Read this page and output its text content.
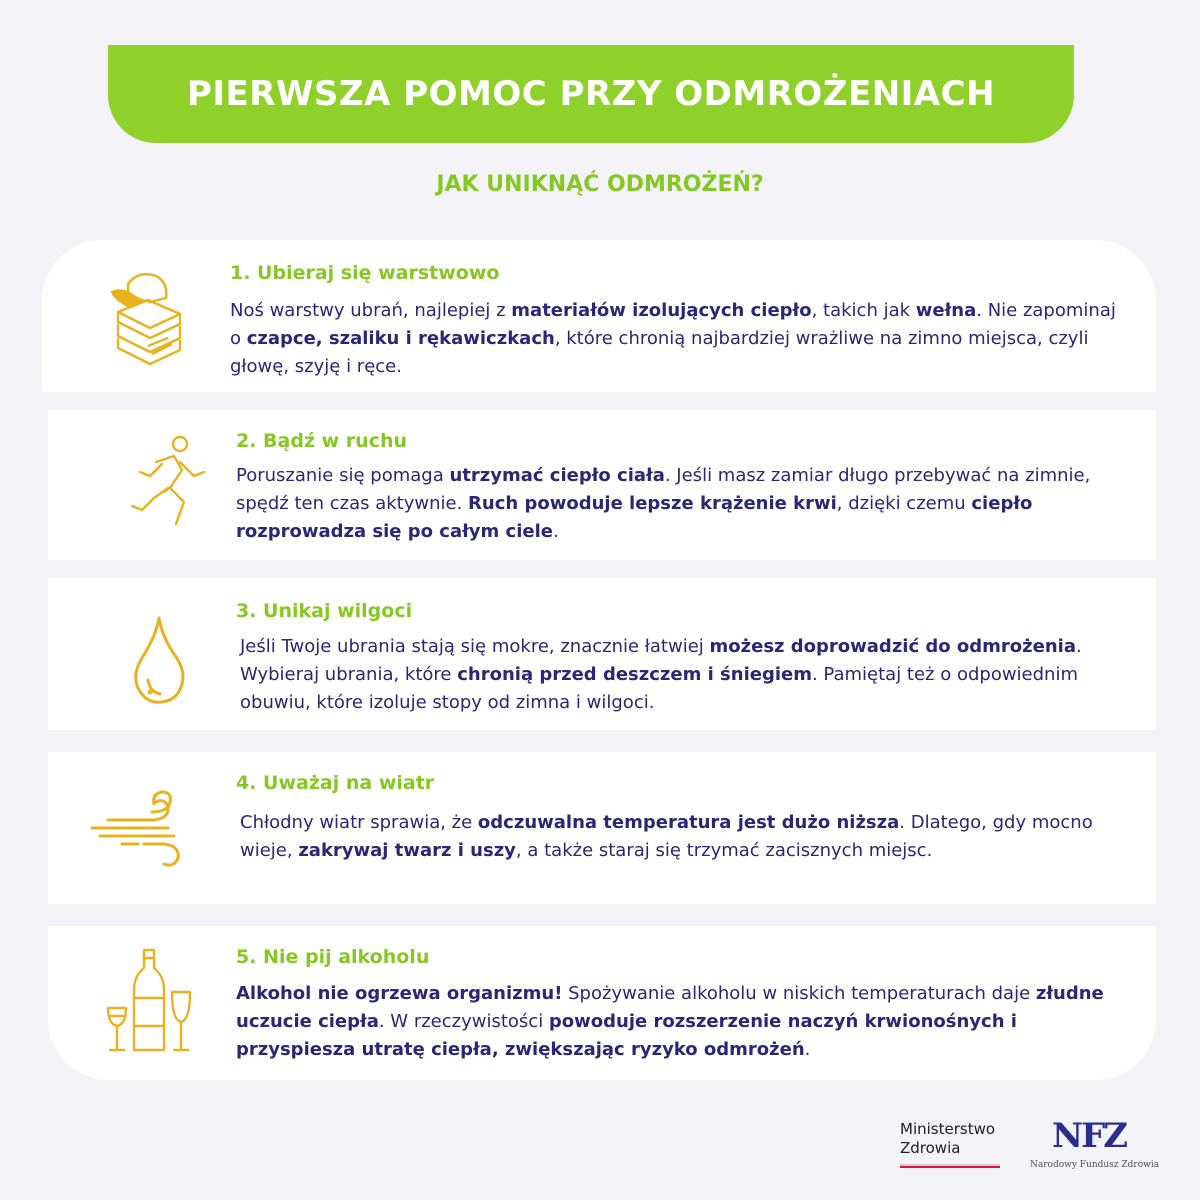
PIERWSZA POMOC PRZY ODMROŻENIACH
JAK UNIKNĄĆ ODMROŻEŃ?
1. Ubieraj się warstwowo

Noś warstwy ubrań, najlepiej z materiałów izolujących ciepło, takich jak wełna. Nie zapominaj o czapce, szaliku i rękawiczkach, które chronią najbardziej wrażliwe na zimno miejsca, czyli głowę, szyję i ręce.

2. Bądź w ruchu

Poruszanie się pomaga utrzymać ciepło ciała. Jeśli masz zamiar długo przebywać na zimnie, spędź ten czas aktywnie. Ruch powoduje lepsze krążenie krwi, dzięki czemu ciepło rozprowadza się po całym ciele.

3. Unikaj wilgoci

Jeśli Twoje ubrania stają się mokre, znacznie łatwiej możesz doprowadzić do odmrożenia. Wybieraj ubrania, które chronią przed deszczem i śniegiem. Pamiętaj też o odpowiednim obuwiu, które izoluje stopy od zimna i wilgoci.

4. Uważaj na wiatr

Chłodny wiatr sprawia, że odczuwalna temperatura jest dużo niższa. Dlatego, gdy mocno wieje, zakrywaj twarz i uszy, a także staraj się trzymać zacisznych miejsc.

5. Nie pij alkoholu

Alkohol nie ogrzewa organizmu! Spożywanie alkoholu w niskich temperaturach daje złudne uczucie ciepła. W rzeczywistości powoduje rozszerzenie naczyń krwionośnych i przyspiesza utratę ciepła, zwiększając ryzyko odmrożeń.

Ministerstwo
Zdrowia	NFZ
Narodowy Fundusz Zdrowia
